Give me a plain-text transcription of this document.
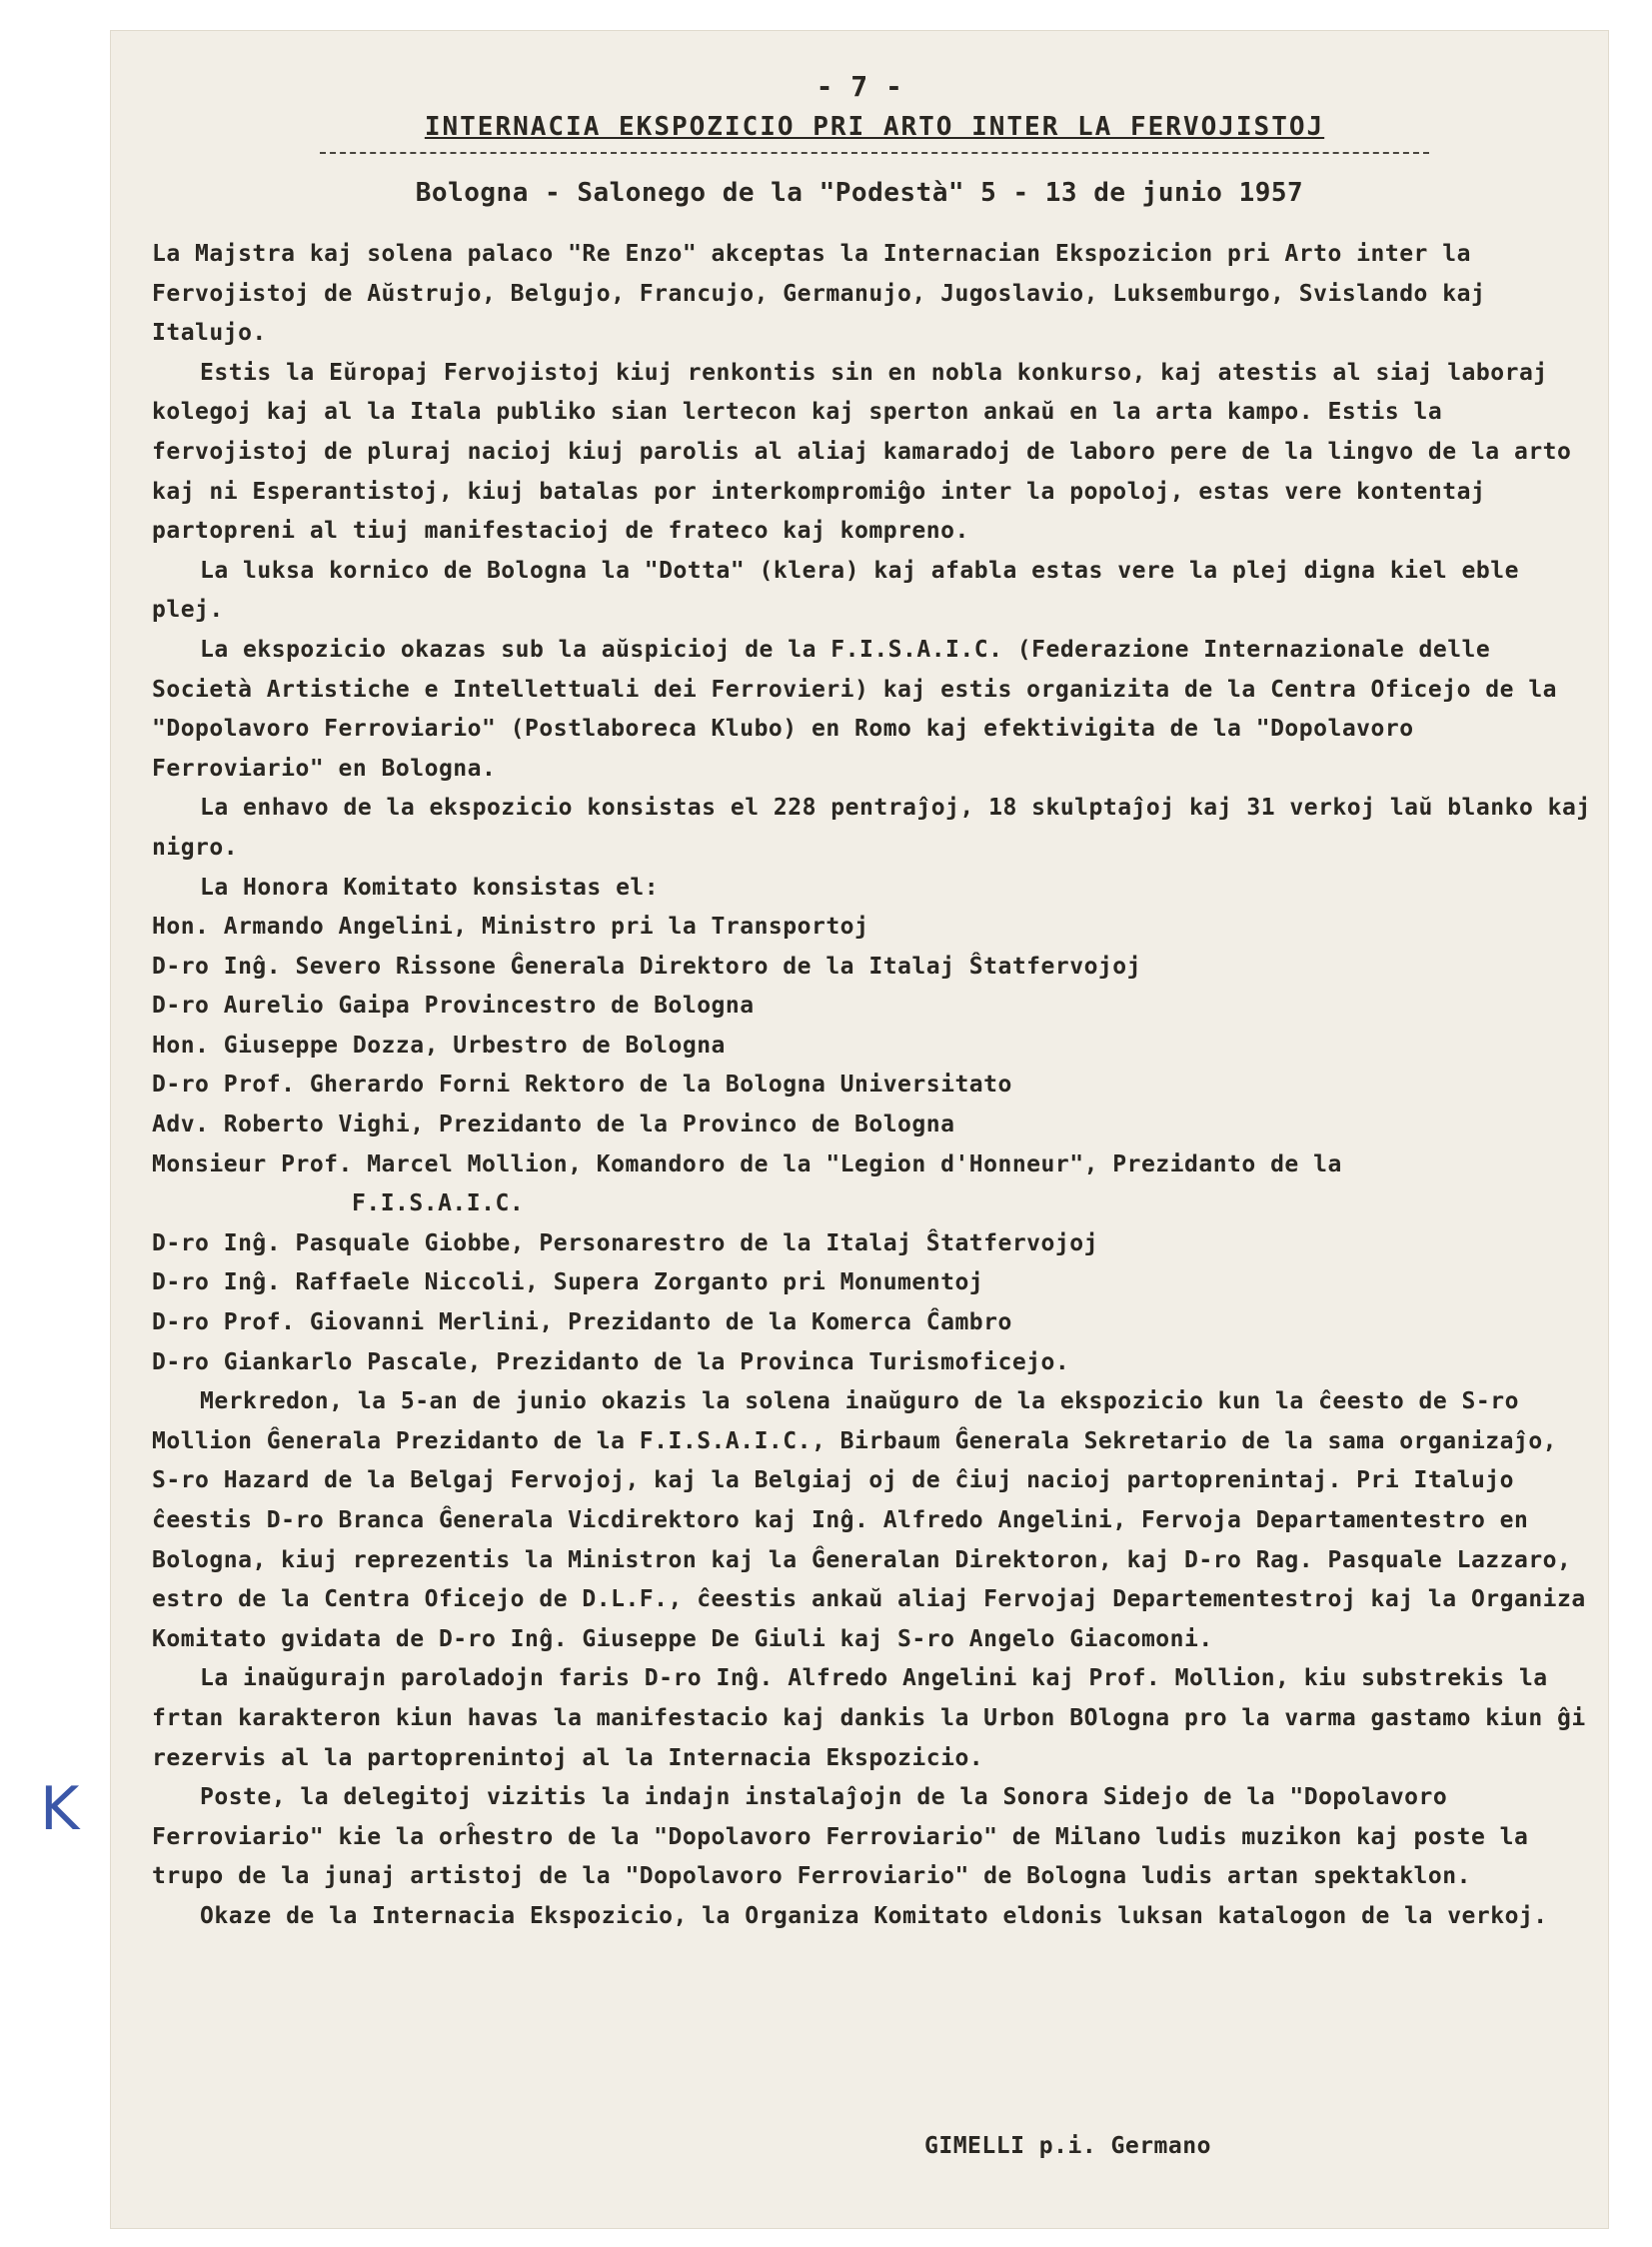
- 7 -
INTERNACIA EKSPOZICIO PRI ARTO INTER LA FERVOJISTOJ
Bologna - Salonego de la "Podestà" 5 - 13 de junio 1957

La Majstra kaj solena palaco "Re Enzo" akceptas la Internacian Ekspozicion pri Arto inter la Fervojistoj de Aŭstrujo, Belgujo, Francujo, Germanujo, Jugoslavio, Luksemburgo, Svislando kaj Italujo.

Estis la Eŭropaj Fervojistoj kiuj renkontis sin en nobla konkurso, kaj atestis al siaj laboraj kolegoj kaj al la Itala publiko sian lertecon kaj sperton ankaŭ en la arta kampo. Estis la fervojistoj de pluraj nacioj kiuj parolis al aliaj kamaradoj de laboro pere de la lingvo de la arto kaj ni Esperantistoj, kiuj batalas por interkompromiĝo inter la popoloj, estas vere kontentaj partopreni al tiuj manifestacioj de frateco kaj kompreno.

La luksa kornico de Bologna la "Dotta" (klera) kaj afabla estas vere la plej digna kiel eble plej.

La ekspozicio okazas sub la aŭspicioj de la F.I.S.A.I.C. (Federazione Internazionale delle Società Artistiche e Intellettuali dei Ferrovieri) kaj estis organizita de la Centra Oficejo de la "Dopolavoro Ferroviario" (Postlaboreca Klubo) en Romo kaj efektivigita de la "Dopolavoro Ferroviario" en Bologna.

La enhavo de la ekspozicio konsistas el 228 pentraĵoj, 18 skulptaĵoj kaj 31 verkoj laŭ blanko kaj nigro.

La Honora Komitato konsistas el:

Hon. Armando Angelini, Ministro pri la Transportoj

D-ro Inĝ. Severo Rissone Ĝenerala Direktoro de la Italaj Ŝtatfervojoj

D-ro Aurelio Gaipa Provincestro de Bologna

Hon. Giuseppe Dozza, Urbestro de Bologna

D-ro Prof. Gherardo Forni Rektoro de la Bologna Universitato

Adv. Roberto Vighi, Prezidanto de la Provinco de Bologna

Monsieur Prof. Marcel Mollion, Komandoro de la "Legion d'Honneur", Prezidanto de la

F.I.S.A.I.C.

D-ro Inĝ. Pasquale Giobbe, Personarestro de la Italaj Ŝtatfervojoj

D-ro Inĝ. Raffaele Niccoli, Supera Zorganto pri Monumentoj

D-ro Prof. Giovanni Merlini, Prezidanto de la Komerca Ĉambro

D-ro Giankarlo Pascale, Prezidanto de la Provinca Turismoficejo.

Merkredon, la 5-an de junio okazis la solena inaŭguro de la ekspozicio kun la ĉeesto de S-ro Mollion Ĝenerala Prezidanto de la F.I.S.A.I.C., Birbaum Ĝenerala Sekretario de la sama organizaĵo, S-ro Hazard de la Belgaj Fervojoj, kaj la Belgiaj oj de ĉiuj nacioj partoprenintaj. Pri Italujo ĉeestis D-ro Branca Ĝenerala Vicdirektoro kaj Inĝ. Alfredo Angelini, Fervoja Departamentestro en Bologna, kiuj reprezentis la Ministron kaj la Ĝeneralan Direktoron, kaj D-ro Rag. Pasquale Lazzaro, estro de la Centra Oficejo de D.L.F., ĉeestis ankaŭ aliaj Fervojaj Departementestroj kaj la Organiza Komitato gvidata de D-ro Inĝ. Giuseppe De Giuli kaj S-ro Angelo Giacomoni.

La inaŭgurajn paroladojn faris D-ro Inĝ. Alfredo Angelini kaj Prof. Mollion, kiu substrekis la frtan karakteron kiun havas la manifestacio kaj dankis la Urbon BOlogna pro la varma gastamo kiun ĝi rezervis al la partoprenintoj al la Internacia Ekspozicio.

Poste, la delegitoj vizitis la indajn instalaĵojn de la Sonora Sidejo de la "Dopolavoro Ferroviario" kie la orĥestro de la "Dopolavoro Ferroviario" de Milano ludis muzikon kaj poste la trupo de la junaj artistoj de la "Dopolavoro Ferroviario" de Bologna ludis artan spektaklon.

Okaze de la Internacia Ekspozicio, la Organiza Komitato eldonis luksan katalogon de la verkoj.

GIMELLI p.i. Germano
K
